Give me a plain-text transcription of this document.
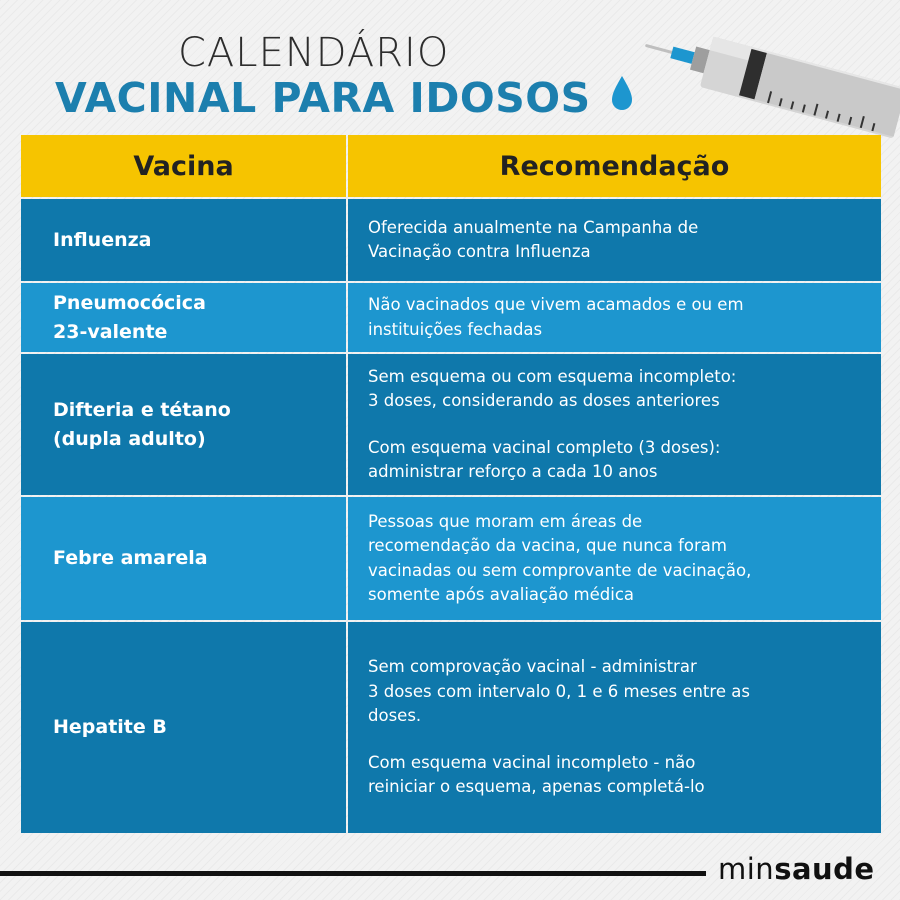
CALENDÁRIO
VACINAL PARA IDOSOS
Vacina	Recomendação
Influenza
Oferecida anualmente na Campanha de
Vacinação contra Influenza
Pneumocócica
23-valente
Não vacinados que vivem acamados e ou em
instituições fechadas
Difteria e tétano
(dupla adulto)
Sem esquema ou com esquema incompleto:
3 doses, considerando as doses anteriores
Com esquema vacinal completo (3 doses):
administrar reforço a cada 10 anos
Febre amarela
Pessoas que moram em áreas de
recomendação da vacina, que nunca foram
vacinadas ou sem comprovante de vacinação,
somente após avaliação médica
Hepatite B
Sem comprovação vacinal - administrar
3 doses com intervalo 0, 1 e 6 meses entre as
doses.
Com esquema vacinal incompleto - não
reiniciar o esquema, apenas completá-lo
minsaude
